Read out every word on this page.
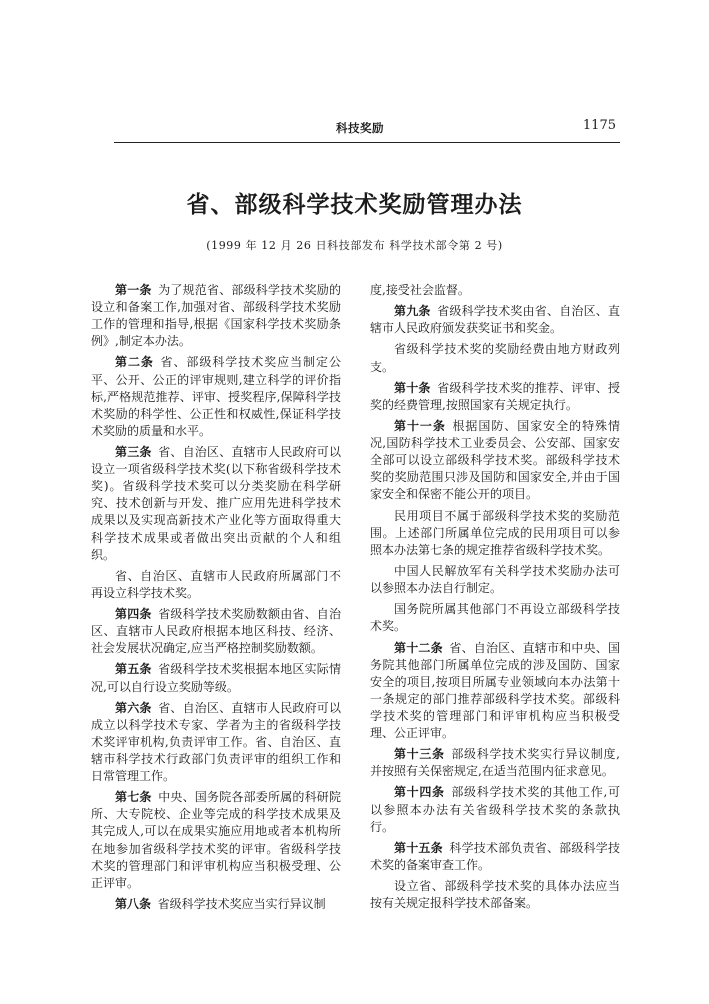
科技奖励	1175
省、部级科学技术奖励管理办法
(1999 年 12 月 26 日科技部发布 科学技术部令第 2 号)

第一条 为了规范省、部级科学技术奖励的设立和备案工作,加强对省、部级科学技术奖励工作的管理和指导,根据《国家科学技术奖励条例》,制定本办法。

第二条 省、部级科学技术奖应当制定公平、公开、公正的评审规则,建立科学的评价指标,严格规范推荐、评审、授奖程序,保障科学技术奖励的科学性、公正性和权威性,保证科学技术奖励的质量和水平。

第三条 省、自治区、直辖市人民政府可以设立一项省级科学技术奖(以下称省级科学技术奖)。省级科学技术奖可以分类奖励在科学研究、技术创新与开发、推广应用先进科学技术成果以及实现高新技术产业化等方面取得重大科学技术成果或者做出突出贡献的个人和组织。

省、自治区、直辖市人民政府所属部门不再设立科学技术奖。

第四条 省级科学技术奖励数额由省、自治区、直辖市人民政府根据本地区科技、经济、社会发展状况确定,应当严格控制奖励数额。

第五条 省级科学技术奖根据本地区实际情况,可以自行设立奖励等级。

第六条 省、自治区、直辖市人民政府可以成立以科学技术专家、学者为主的省级科学技术奖评审机构,负责评审工作。省、自治区、直辖市科学技术行政部门负责评审的组织工作和日常管理工作。

第七条 中央、国务院各部委所属的科研院所、大专院校、企业等完成的科学技术成果及其完成人,可以在成果实施应用地或者本机构所在地参加省级科学技术奖的评审。省级科学技术奖的管理部门和评审机构应当积极受理、公正评审。

第八条 省级科学技术奖应当实行异议制

度,接受社会监督。

第九条 省级科学技术奖由省、自治区、直辖市人民政府颁发获奖证书和奖金。

省级科学技术奖的奖励经费由地方财政列支。

第十条 省级科学技术奖的推荐、评审、授奖的经费管理,按照国家有关规定执行。

第十一条 根据国防、国家安全的特殊情况,国防科学技术工业委员会、公安部、国家安全部可以设立部级科学技术奖。部级科学技术奖的奖励范围只涉及国防和国家安全,并由于国家安全和保密不能公开的项目。

民用项目不属于部级科学技术奖的奖励范围。上述部门所属单位完成的民用项目可以参照本办法第七条的规定推荐省级科学技术奖。

中国人民解放军有关科学技术奖励办法可以参照本办法自行制定。

国务院所属其他部门不再设立部级科学技术奖。

第十二条 省、自治区、直辖市和中央、国务院其他部门所属单位完成的涉及国防、国家安全的项目,按项目所属专业领域向本办法第十一条规定的部门推荐部级科学技术奖。部级科学技术奖的管理部门和评审机构应当积极受理、公正评审。

第十三条 部级科学技术奖实行异议制度,并按照有关保密规定,在适当范围内征求意见。

第十四条 部级科学技术奖的其他工作,可以参照本办法有关省级科学技术奖的条款执行。

第十五条 科学技术部负责省、部级科学技术奖的备案审查工作。

设立省、部级科学技术奖的具体办法应当按有关规定报科学技术部备案。
